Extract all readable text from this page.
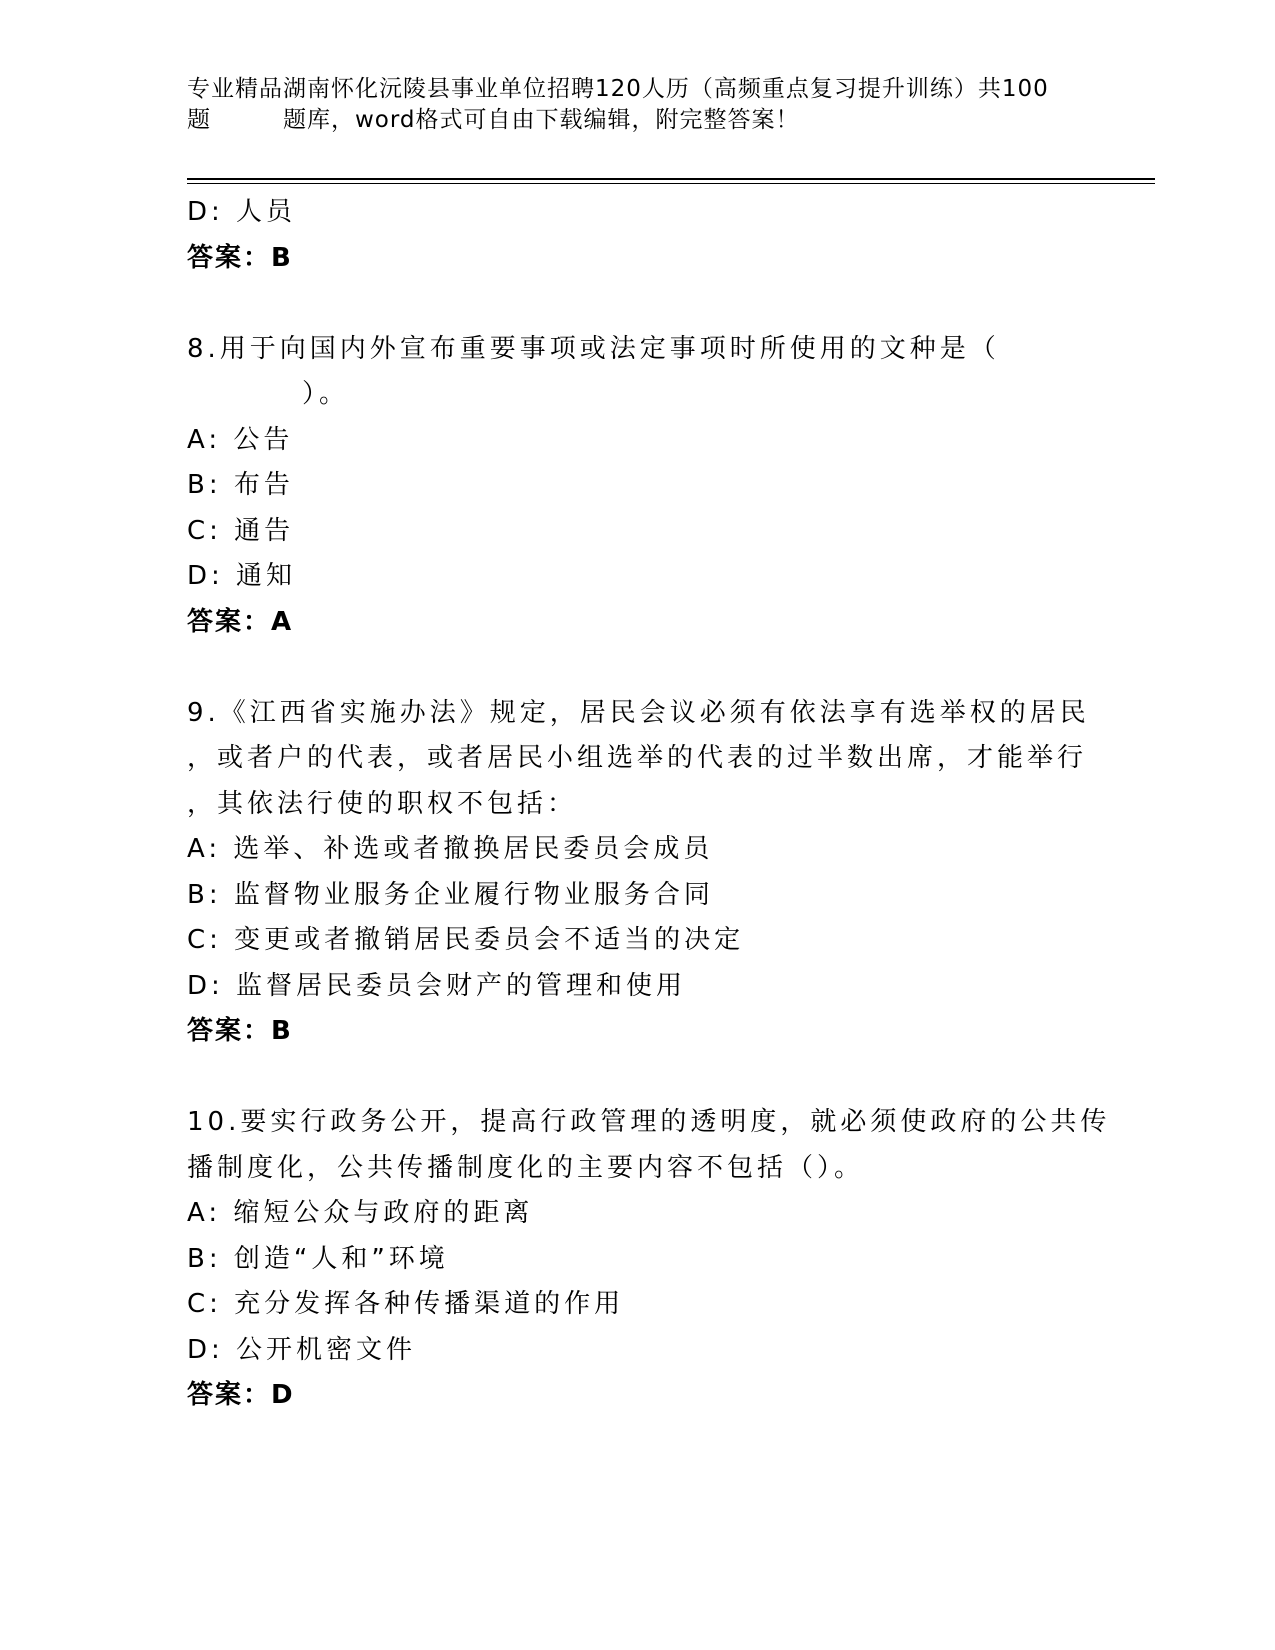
专业精品湖南怀化沅陵县事业单位招聘120人历（高频重点复习提升训练）共100
题	题库，word格式可自由下载编辑，附完整答案！
D: 人员
答案：B
8.用于向国内外宣布重要事项或法定事项时所使用的文种是（
）。
A: 公告
B: 布告
C: 通告
D: 通知
答案：A
9.《江西省实施办法》规定，居民会议必须有依法享有选举权的居民
，或者户的代表，或者居民小组选举的代表的过半数出席，才能举行
，其依法行使的职权不包括：
A: 选举、补选或者撤换居民委员会成员
B: 监督物业服务企业履行物业服务合同
C: 变更或者撤销居民委员会不适当的决定
D: 监督居民委员会财产的管理和使用
答案：B
10.要实行政务公开，提高行政管理的透明度，就必须使政府的公共传
播制度化，公共传播制度化的主要内容不包括（）。
A: 缩短公众与政府的距离
B: 创造“人和”环境
C: 充分发挥各种传播渠道的作用
D: 公开机密文件
答案：D
